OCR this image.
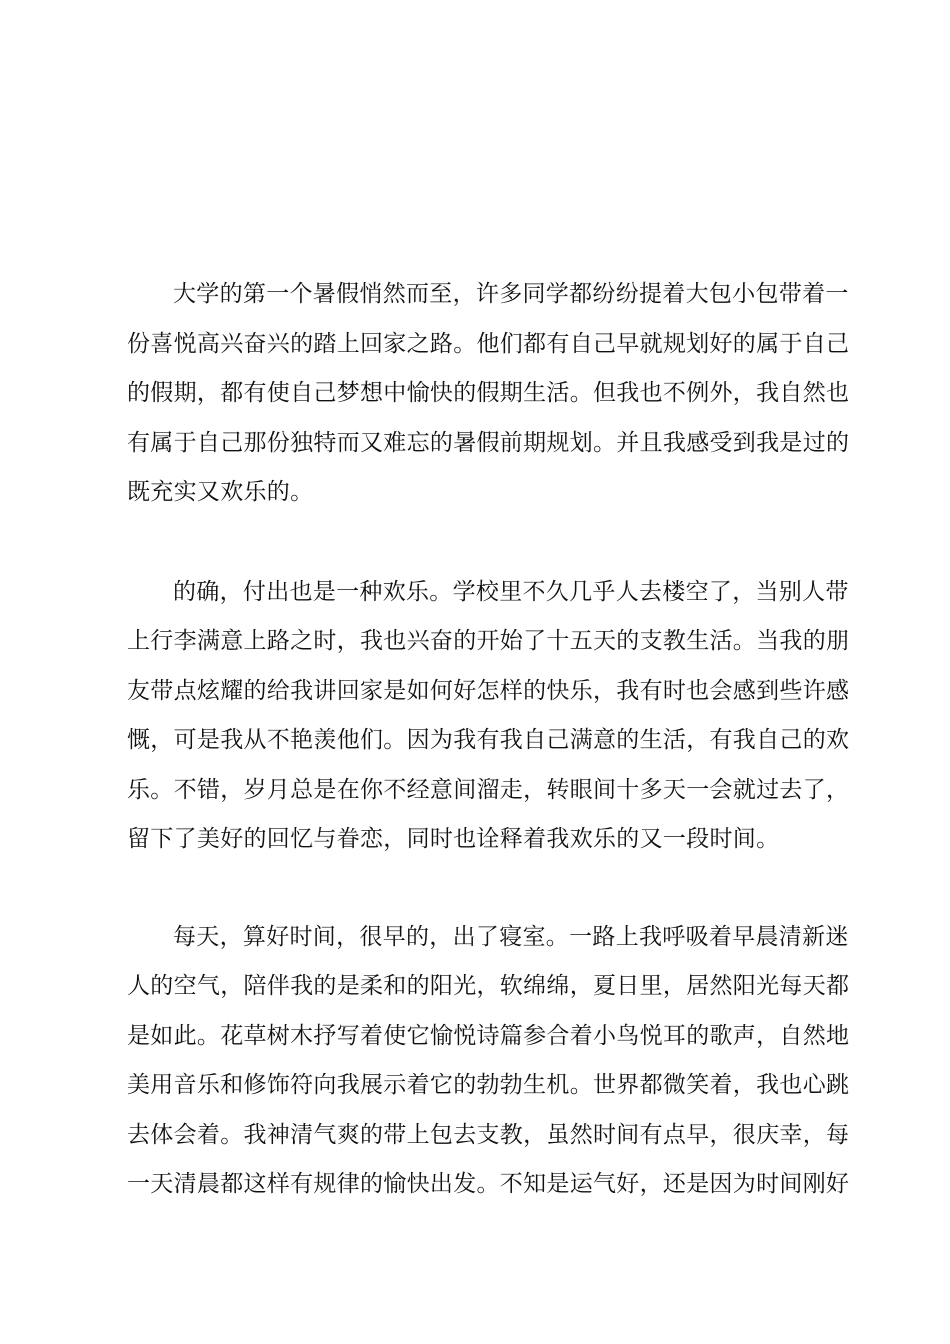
大学的第一个暑假悄然而至，许多同学都纷纷提着大包小包带着一
份喜悦高兴奋兴的踏上回家之路。他们都有自己早就规划好的属于自己
的假期，都有使自己梦想中愉快的假期生活。但我也不例外，我自然也
有属于自己那份独特而又难忘的暑假前期规划。并且我感受到我是过的
既充实又欢乐的。

的确，付出也是一种欢乐。学校里不久几乎人去楼空了，当别人带
上行李满意上路之时，我也兴奋的开始了十五天的支教生活。当我的朋
友带点炫耀的给我讲回家是如何好怎样的快乐，我有时也会感到些许感
慨，可是我从不艳羡他们。因为我有我自己满意的生活，有我自己的欢
乐。不错，岁月总是在你不经意间溜走，转眼间十多天一会就过去了，
留下了美好的回忆与眷恋，同时也诠释着我欢乐的又一段时间。

每天，算好时间，很早的，出了寝室。一路上我呼吸着早晨清新迷
人的空气，陪伴我的是柔和的阳光，软绵绵，夏日里，居然阳光每天都
是如此。花草树木抒写着使它愉悦诗篇参合着小鸟悦耳的歌声，自然地
美用音乐和修饰符向我展示着它的勃勃生机。世界都微笑着，我也心跳
去体会着。我神清气爽的带上包去支教，虽然时间有点早，很庆幸，每
一天清晨都这样有规律的愉快出发。不知是运气好，还是因为时间刚好
